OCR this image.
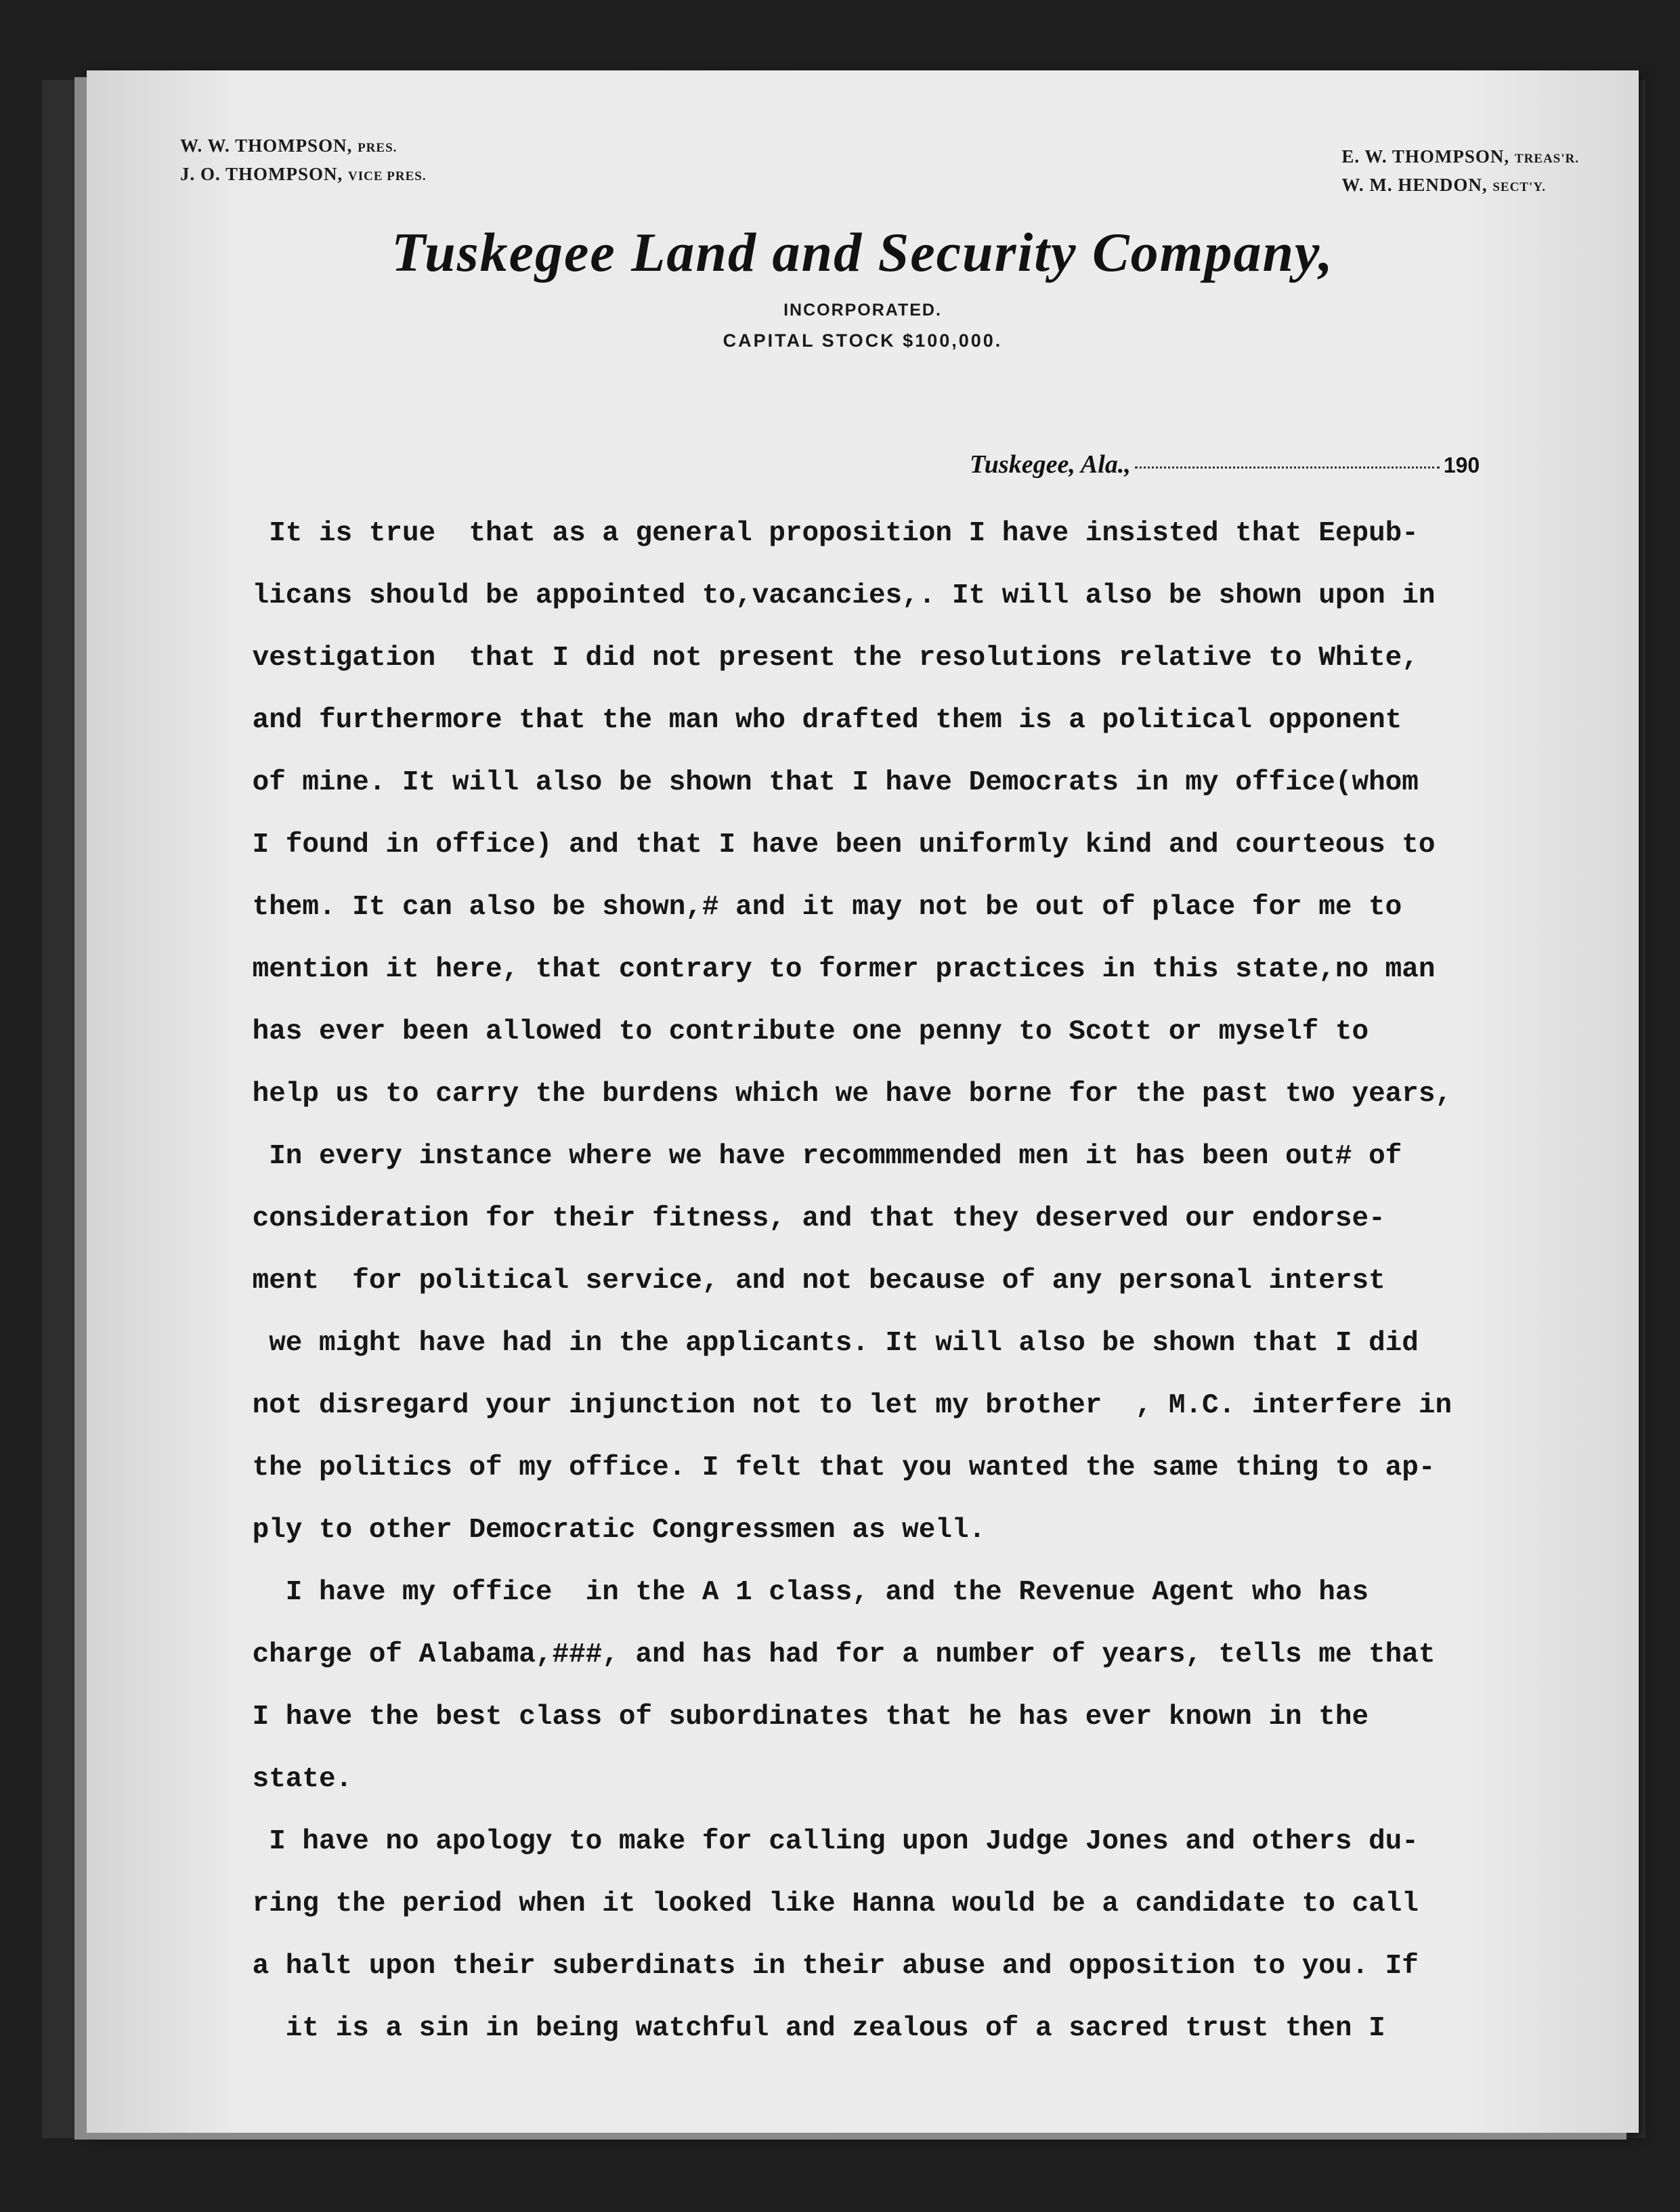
W. W. THOMPSON, PRES.
J. O. THOMPSON, VICE PRES.
E. W. THOMPSON, TREAS'R.
W. M. HENDON, SECT'Y.
Tuskegee Land and Security Company,
INCORPORATED.
CAPITAL STOCK $100,000.
Tuskegee, Ala.,	190
It is true  that as a general proposition I have insisted that Eepub-
licans should be appointed to,vacancies,. It will also be shown upon in
vestigation  that I did not present the resolutions relative to White,
and furthermore that the man who drafted them is a political opponent
of mine. It will also be shown that I have Democrats in my office(whom
I found in office) and that I have been uniformly kind and courteous to
them. It can also be shown,# and it may not be out of place for me to
mention it here, that contrary to former practices in this state,no man
has ever been allowed to contribute one penny to Scott or myself to
help us to carry the burdens which we have borne for the past two years,
In every instance where we have recommmended men it has been out# of
consideration for their fitness, and that they deserved our endorse-
ment  for political service, and not because of any personal interst
we might have had in the applicants. It will also be shown that I did
not disregard your injunction not to let my brother  , M.C. interfere in
the politics of my office. I felt that you wanted the same thing to ap-
ply to other Democratic Congressmen as well.
I have my office  in the A 1 class, and the Revenue Agent who has
charge of Alabama,###, and has had for a number of years, tells me that
I have the best class of subordinates that he has ever known in the
state.
I have no apology to make for calling upon Judge Jones and others du-
ring the period when it looked like Hanna would be a candidate to call
a halt upon their suberdinats in their abuse and opposition to you. If
it is a sin in being watchful and zealous of a sacred trust then I
